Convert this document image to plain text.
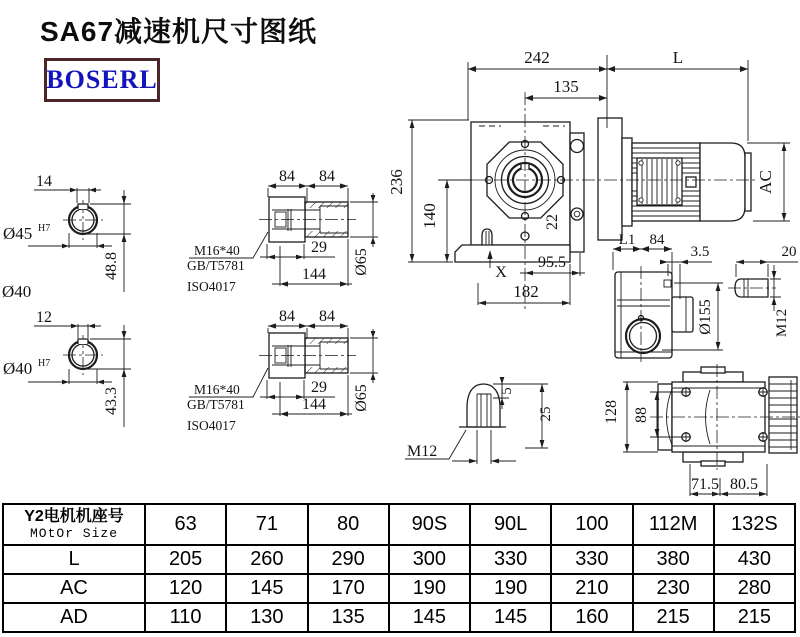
SA67减速机尺寸图纸
BOSERL
14
Ø45 H7
48.8
Ø40
12
Ø40 H7
43.3
84 84
29
144 Ø65
M16*40
GB/T5781
ISO4017
84 84
29
144 Ø65
M16*40
GB/T5781
ISO4017
22
242	L
135
236
140
AC
95.5
182
X
L1 84
3.5
Ø155
20
M12
M12
5
25	128 88
71.5 80.5
Y2电机机座号
MOtOr Size	63	71	80	90S	90L	100	112M	132S
L	205	260	290	300	330	330	380	430
AC	120	145	170	190	190	210	230	280
AD	110	130	135	145	145	160	215	215
